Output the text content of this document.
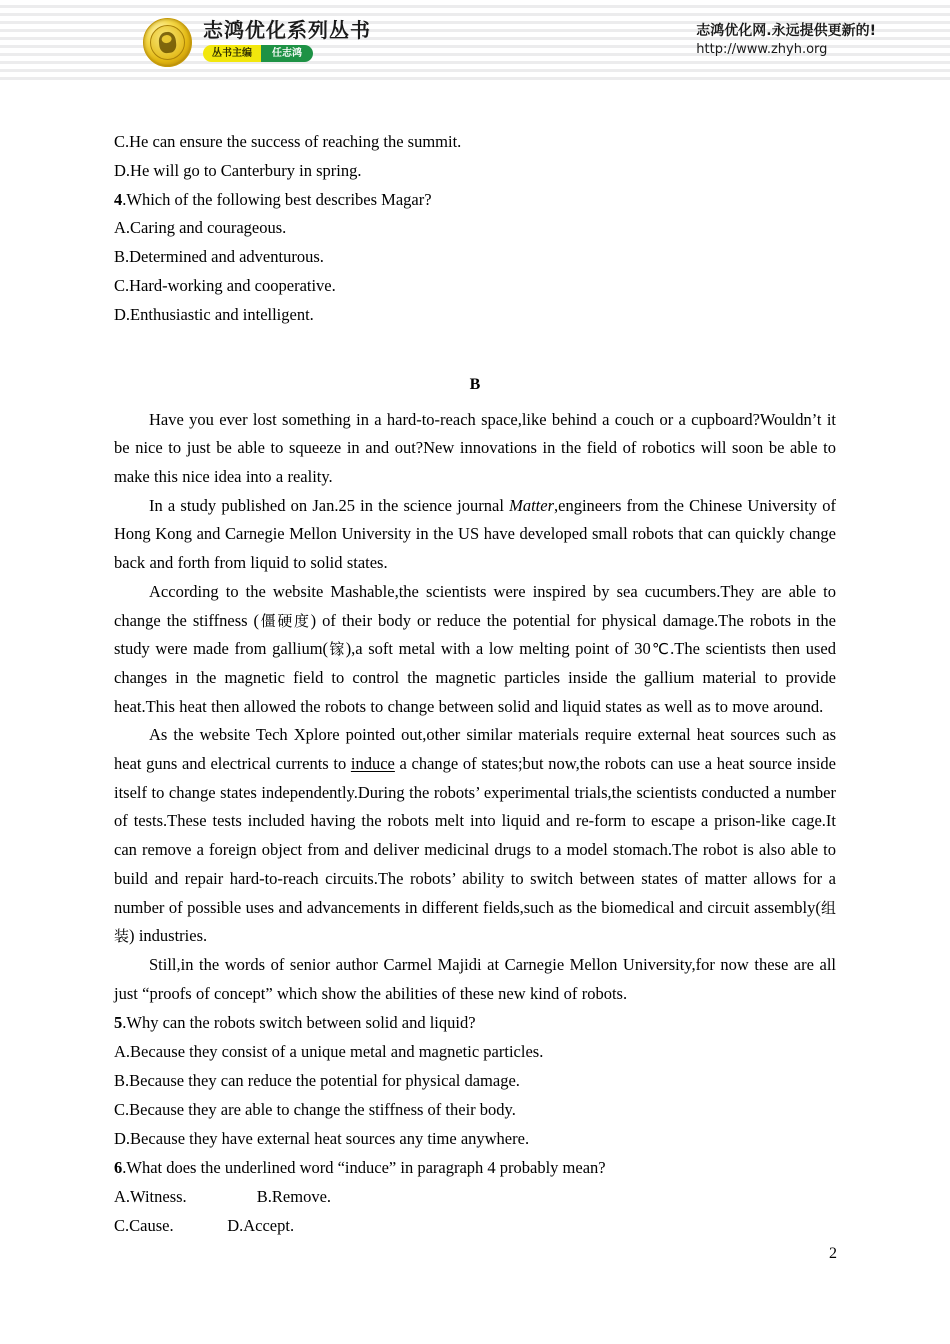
志鸿优化系列丛书
丛书主编	任志鸿
志鸿优化网.永远提供更新的!
http://www.zhyh.org
C.He can ensure the success of reaching the summit.
D.He will go to Canterbury in spring.
4.Which of the following best describes Magar?
A.Caring and courageous.
B.Determined and adventurous.
C.Hard-working and cooperative.
D.Enthusiastic and intelligent.
B
Have you ever lost something in a hard-to-reach space,like behind a couch or a cupboard?Wouldn’t it be nice to just be able to squeeze in and out?New innovations in the field of robotics will soon be able to make this nice idea into a reality.
In a study published on Jan.25 in the science journal Matter,engineers from the Chinese University of Hong Kong and Carnegie Mellon University in the US have developed small robots that can quickly change back and forth from liquid to solid states.
According to the website Mashable,the scientists were inspired by sea cucumbers.They are able to change the stiffness (僵硬度) of their body or reduce the potential for physical damage.The robots in the study were made from gallium(镓),a soft metal with a low melting point of 30℃.The scientists then used changes in the magnetic field to control the magnetic particles inside the gallium material to provide heat.This heat then allowed the robots to change between solid and liquid states as well as to move around.
As the website Tech Xplore pointed out,other similar materials require external heat sources such as heat guns and electrical currents to induce a change of states;but now,the robots can use a heat source inside itself to change states independently.During the robots’ experimental trials,the scientists conducted a number of tests.These tests included having the robots melt into liquid and re-form to escape a prison-like cage.It can remove a foreign object from and deliver medicinal drugs to a model stomach.The robot is also able to build and repair hard-to-reach circuits.The robots’ ability to switch between states of matter allows for a number of possible uses and advancements in different fields,such as the biomedical and circuit assembly(组装) industries.
Still,in the words of senior author Carmel Majidi at Carnegie Mellon University,for now these are all just “proofs of concept” which show the abilities of these new kind of robots.
5.Why can the robots switch between solid and liquid?
A.Because they consist of a unique metal and magnetic particles.
B.Because they can reduce the potential for physical damage.
C.Because they are able to change the stiffness of their body.
D.Because they have external heat sources any time anywhere.
6.What does the underlined word “induce” in paragraph 4 probably mean?
A.Witness.                 B.Remove.
C.Cause.             D.Accept.
2
